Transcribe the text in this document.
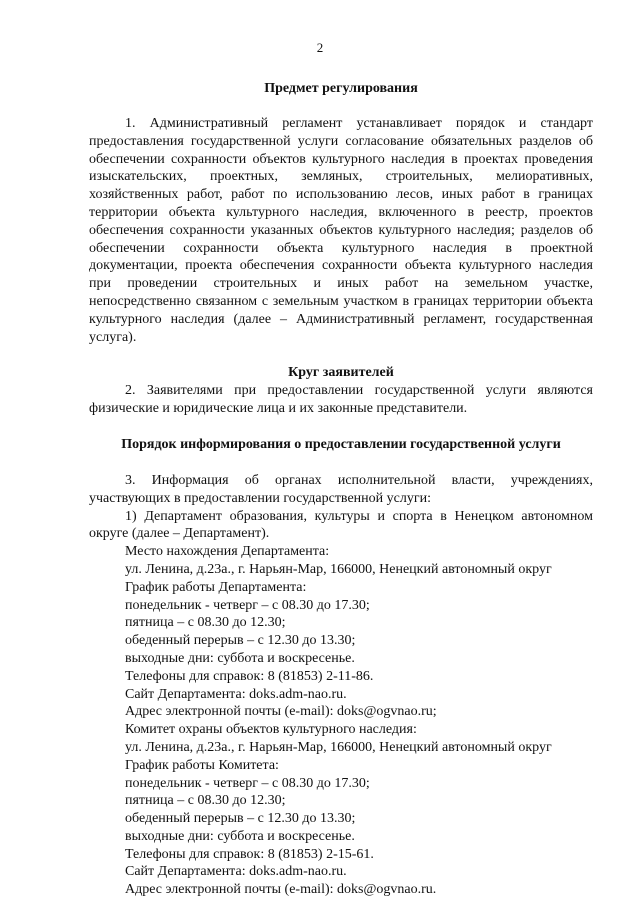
2
Предмет регулирования

1. Административный регламент устанавливает порядок и стандарт предоставления государственной услуги согласование обязательных разделов об обеспечении сохранности объектов культурного наследия в проектах проведения изыскательских, проектных, земляных, строительных, мелиоративных, хозяйственных работ, работ по использованию лесов, иных работ в границах территории объекта культурного наследия, включенного в реестр, проектов обеспечения сохранности указанных объектов культурного наследия; разделов об обеспечении сохранности объекта культурного наследия в проектной документации, проекта обеспечения сохранности объекта культурного наследия при проведении строительных и иных работ на земельном участке, непосредственно связанном с земельным участком в границах территории объекта культурного наследия (далее – Административный регламент, государственная услуга).

Круг заявителей

2. Заявителями при предоставлении государственной услуги являются физические и юридические лица и их законные представители.

Порядок информирования о предоставлении государственной услуги

3. Информация об органах исполнительной власти, учреждениях, участвующих в предоставлении государственной услуги:

1) Департамент образования, культуры и спорта в Ненецком автономном округе (далее – Департамент).

Место нахождения Департамента:

ул. Ленина, д.23а., г. Нарьян-Мар, 166000, Ненецкий автономный округ

График работы Департамента:

понедельник - четверг – с 08.30 до 17.30;

пятница – с 08.30 до 12.30;

обеденный перерыв – с 12.30 до 13.30;

выходные дни: суббота и воскресенье.

Телефоны для справок: 8 (81853) 2-11-86.

Сайт Департамента: doks.adm-nao.ru.

Адрес электронной почты (e-mail): doks@ogvnao.ru;

Комитет охраны объектов культурного наследия:

ул. Ленина, д.23а., г. Нарьян-Мар, 166000, Ненецкий автономный округ

График работы Комитета:

понедельник - четверг – с 08.30 до 17.30;

пятница – с 08.30 до 12.30;

обеденный перерыв – с 12.30 до 13.30;

выходные дни: суббота и воскресенье.

Телефоны для справок: 8 (81853) 2-15-61.

Сайт Департамента: doks.adm-nao.ru.

Адрес электронной почты (e-mail): doks@ogvnao.ru.
